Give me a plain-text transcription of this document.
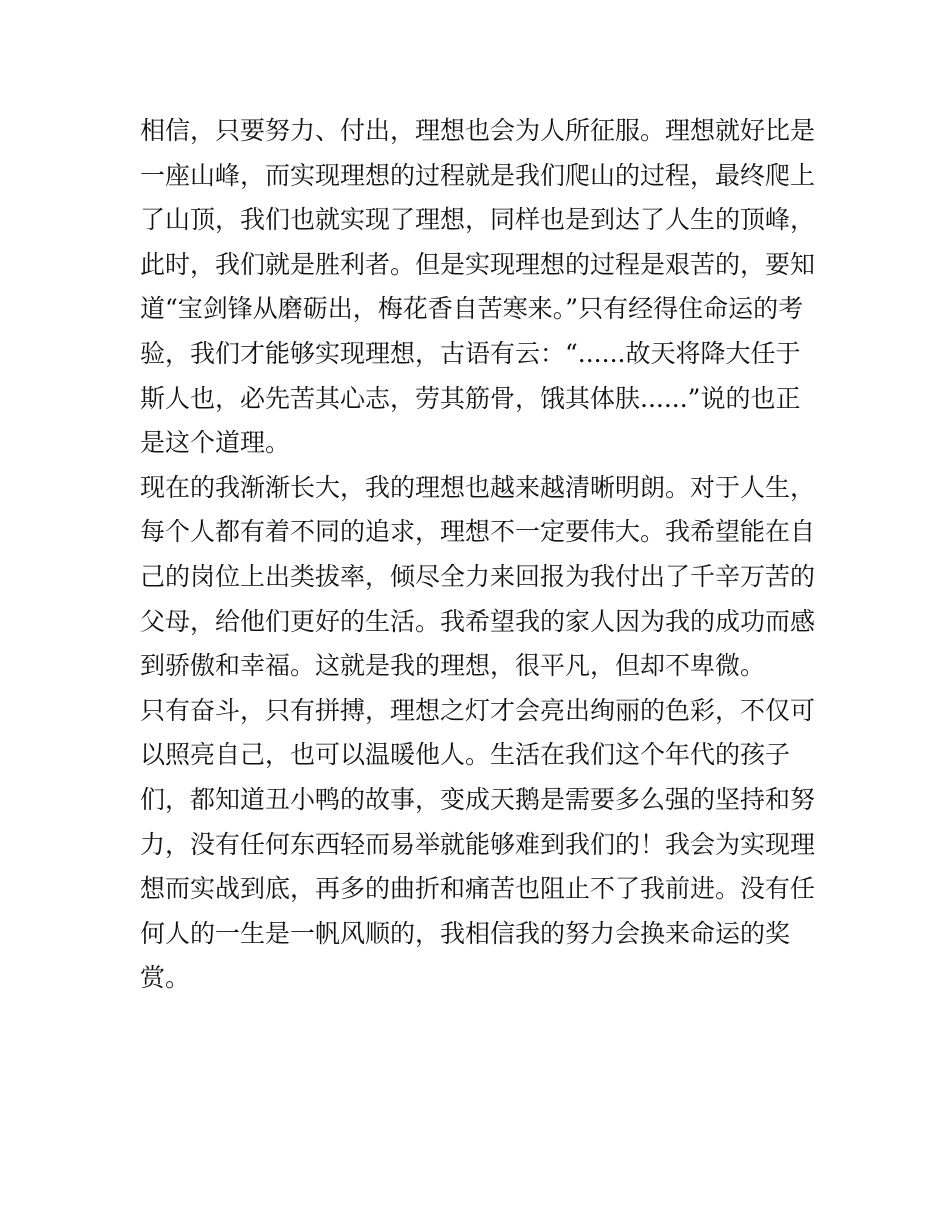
相信，只要努力、付出，理想也会为人所征服。理想就好比是
一座山峰，而实现理想的过程就是我们爬山的过程，最终爬上
了山顶，我们也就实现了理想，同样也是到达了人生的顶峰，
此时，我们就是胜利者。但是实现理想的过程是艰苦的，要知
道“宝剑锋从磨砺出，梅花香自苦寒来。”只有经得住命运的考
验，我们才能够实现理想，古语有云：“......故天将降大任于
斯人也，必先苦其心志，劳其筋骨，饿其体肤......”说的也正
是这个道理。
现在的我渐渐长大，我的理想也越来越清晰明朗。对于人生，
每个人都有着不同的追求，理想不一定要伟大。我希望能在自
己的岗位上出类拔率，倾尽全力来回报为我付出了千辛万苦的
父母，给他们更好的生活。我希望我的家人因为我的成功而感
到骄傲和幸福。这就是我的理想，很平凡，但却不卑微。
只有奋斗，只有拼搏，理想之灯才会亮出绚丽的色彩，不仅可
以照亮自己，也可以温暖他人。生活在我们这个年代的孩子
们，都知道丑小鸭的故事，变成天鹅是需要多么强的坚持和努
力，没有任何东西轻而易举就能够难到我们的！我会为实现理
想而实战到底，再多的曲折和痛苦也阻止不了我前进。没有任
何人的一生是一帆风顺的，我相信我的努力会换来命运的奖
赏。
